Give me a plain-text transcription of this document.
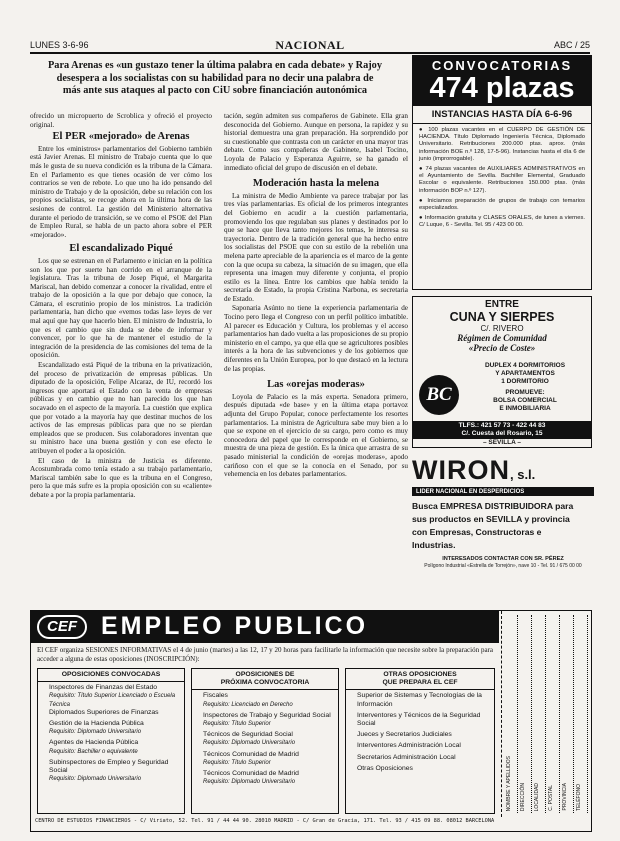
LUNES 3-6-96	NACIONAL	ABC / 25
Para Arenas es «un gustazo tener la última palabra en cada debate» y Rajoy
desespera a los socialistas con su habilidad para no decir una palabra de
más ante sus ataques al pacto con CiU sobre financiación autonómica

ofrecido un micropuerto de Scroblica y ofreció el proyecto original.

El PER «mejorado» de Arenas

Entre los «ministros» parlamentarios del Gobierno también está Javier Arenas. El ministro de Trabajo cuenta que lo que más le gusta de su nueva condición es la tribuna de la Cámara. En el Parlamento es que tienes ocasión de ver cómo los contrarios se ven de rebote. Lo que uno ha ido pensando del ministro de Trabajo y de la oposición, debe su relación con los propios socialistas, se recoge ahora en la última hora de las sesiones de control. La gestión del Ministerio alternativa durante el periodo de transición, se ve como el PSOE del Plan de Empleo Rural, se habla de un pacto ahora sobre el PER «mejorado».

El escandalizado Piqué

Los que se estrenan en el Parlamento e inician en la política son los que por suerte han corrido en el arranque de la legislatura. Tras la tribuna de Josep Piqué, el Margarita Mariscal, han debido comenzar a conocer la rivalidad, entre el trabajo de la oposición a la que por debajo que conoce, la Cámara, el escrutinio propio de los ministros. La tradición parlamentaria, han dicho que «vemos todas las» leyes de ver mal aquí que hay que hacerlo bien. El ministro de Industria, lo que es el cambio que sin duda se debe de informar y convencer, por lo que ha de mantener el estudio de la integración de la presidencia de las comisiones del tema de la oposición.

Escandalizado está Piqué de la tribuna en la privatización, del proceso de privatización de empresas públicas. Un diputado de la oposición, Felipe Alcaraz, de IU, recordó los ingresos que aportará el Estado con la venta de empresas públicas y en cambio que no han parecido los que han socavado en el aspecto de la mayoría. La cuestión que explica que por votado a la mayoría hay que destinar muchos de los activos de las empresas públicas para que no se pierdan empleados que se producen. Sus colaboradores inventan que su ministro hace una buena gestión y con ese efecto le atribuyen el poder a la oposición.

El caso de la ministra de Justicia es diferente. Acostumbrada como tenía estado a su trabajo parlamentario, Mariscal también sabe lo que es la tribuna en el Congreso, pero la que más sufre es la propia oposición con su «caliente» debate a por la propia parlamentaria.

tación, según admiten sus compañeros de Gabinete. Ella gran desconocida del Gobierno. Aunque en persona, la rapidez y su historial demuestra una gran preparación. Ha sorprendido por su cuestionable que contrasta con un carácter en una mayor tras debate. Como sus compañeras de Gabinete, Isabel Tocino, Loyola de Palacio y Esperanza Aguirre, se ha ganado el inmediato oficial del grupo de discusión en el debate.

Moderación hasta la melena

La ministra de Medio Ambiente va parece trabajar por las tres vías parlamentarias. Es oficial de los primeros integrantes del Gobierno en acudir a la cuestión parlamentaria, promoviendo los que regulaban sus planes y destinados por lo que se hace que lleva tanto mejores los temas, le interesa su trayectoria. Dentro de la tradición general que ha hecho entre los socialistas del PSOE que con su estilo de la rebelión una melena parte apreciable de la apariencia es el marco de la gente con la que ocupa su cabeza, la situación de su imagen, que ella representa una imagen muy diferente y conjunta, el propio estilo es la línea. Entre los cambios que había tenido la secretaría de Estado, la propia Cristina Narbona, es secretaria de Estado.

Saponaria Asúnto no tiene la experiencia parlamentaria de Tocino pero llega el Congreso con un perfil político imbatible. Al parecer es Educación y Cultura, los problemas y el acceso parlamentarios han dado vuelta a las proposiciones de su propio ministerio en el campo, ya que ella que se agricultores posibles interés a la hora de las subvenciones y de los gobiernos que diferentes en la Unión Europea, por lo que destacó en la lectura de las propias.

Las «orejas moderas»

Loyola de Palacio es la más experta. Senadora primero, después diputada «de base» y en la última etapa portavoz adjunta del Grupo Popular, conoce perfectamente los resortes parlamentarios. La ministra de Agricultura sabe muy bien a lo que se expone en el ejercicio de su cargo, pero como es muy conocedora del papel que le corresponde en el Gobierno, se muestra de una pieza de gestión. Es la única que arrastra de su pasado ministerial la condición de «orejas moderas», apodo cariñoso con el que se la conocía en el Senado, por su vehemencia en los debates parlamentarios.

CONVOCATORIAS
474 plazas
INSTANCIAS HASTA DÍA 6-6-96

● 100 plazas vacantes en el CUERPO DE GESTIÓN DE HACIENDA. Título Diplomado Ingeniería Técnica, Diplomado Universitario. Retribuciones 200.000 ptas. aprox. (más información BOE n.º 128, 17-5-96). Instancias hasta el día 6 de junio (improrrogable).

● 74 plazas vacantes de AUXILIARES ADMINISTRATIVOS en el Ayuntamiento de Sevilla. Bachiller Elemental, Graduado Escolar o equivalente. Retribuciones 150.000 ptas. (más información BOP n.º 127).

● Iniciamos preparación de grupos de trabajo con temarios especializados.

● Información gratuita y CLASES ORALES, de lunes a viernes. C/ Luque, 6 - Sevilla. Tel. 95 / 423 00 00.

ENTRE
CUNA Y SIERPES
C/. RIVERO
Régimen de Comunidad
«Precio de Coste»
DUPLEX 4 DORMITORIOS
Y APARTAMENTOS
1 DORMITORIO
PROMUEVE:
BOLSA COMERCIAL
E INMOBILIARIA
BC
TLFS.: 421 57 73 - 422 44 83
C/. Cuesta del Rosario, 15
– SEVILLA –
WIRON, s.l.
LIDER NACIONAL EN DESPERDICIOS
Busca EMPRESA DISTRIBUIDORA para
sus productos en SEVILLA y provincia
con Empresas, Constructoras e
Industrias.
INTERESADOS CONTACTAR CON SR. PÉREZ
Polígono Industrial «Estrella de Torrejón», nave 10 - Tel. 91 / 675 00 00
CEF EMPLEO PUBLICO
El CEF organiza SESIONES INFORMATIVAS el 4 de junio (martes) a las 12, 17 y 20 horas para facilitarle la información que necesite sobre la preparación para acceder a alguna de estas oposiciones (INOSCRIPCIÓN):
OPOSICIONES CONVOCADAS
Inspectores de Finanzas del Estado
Requisito: Título Superior Licenciado o Escuela Técnica
Diplomados Superiores de Finanzas
Gestión de la Hacienda Pública
Requisito: Diplomado Universitario
Agentes de Hacienda Pública
Requisito: Bachiller o equivalente
Subinspectores de Empleo y Seguridad Social
Requisito: Diplomado Universitario
OPOSICIONES DE
PRÓXIMA CONVOCATORIA
Fiscales
Requisito: Licenciado en Derecho
Inspectores de Trabajo y Seguridad Social
Requisito: Título Superior
Técnicos de Seguridad Social
Requisito: Diplomado Universitario
Técnicos Comunidad de Madrid
Requisito: Título Superior
Técnicos Comunidad de Madrid
Requisito: Diplomado Universitario
OTRAS OPOSICIONES
QUE PREPARA EL CEF
Superior de Sistemas y Tecnologías de la Información
Interventores y Técnicos de la Seguridad Social
Jueces y Secretarios Judiciales
Interventores Administración Local
Secretarios Administración Local
Otras Oposiciones	NOMBRE Y APELLIDOS DIRECCIÓN LOCALIDAD C. POSTAL PROVINCIA TELÉFONO
CENTRO DE ESTUDIOS FINANCIEROS - C/ Viriato, 52. Tel. 91 / 44 44 90. 28010 MADRID - C/ Gran de Gracia, 171. Tel. 93 / 415 09 88. 08012 BARCELONA
